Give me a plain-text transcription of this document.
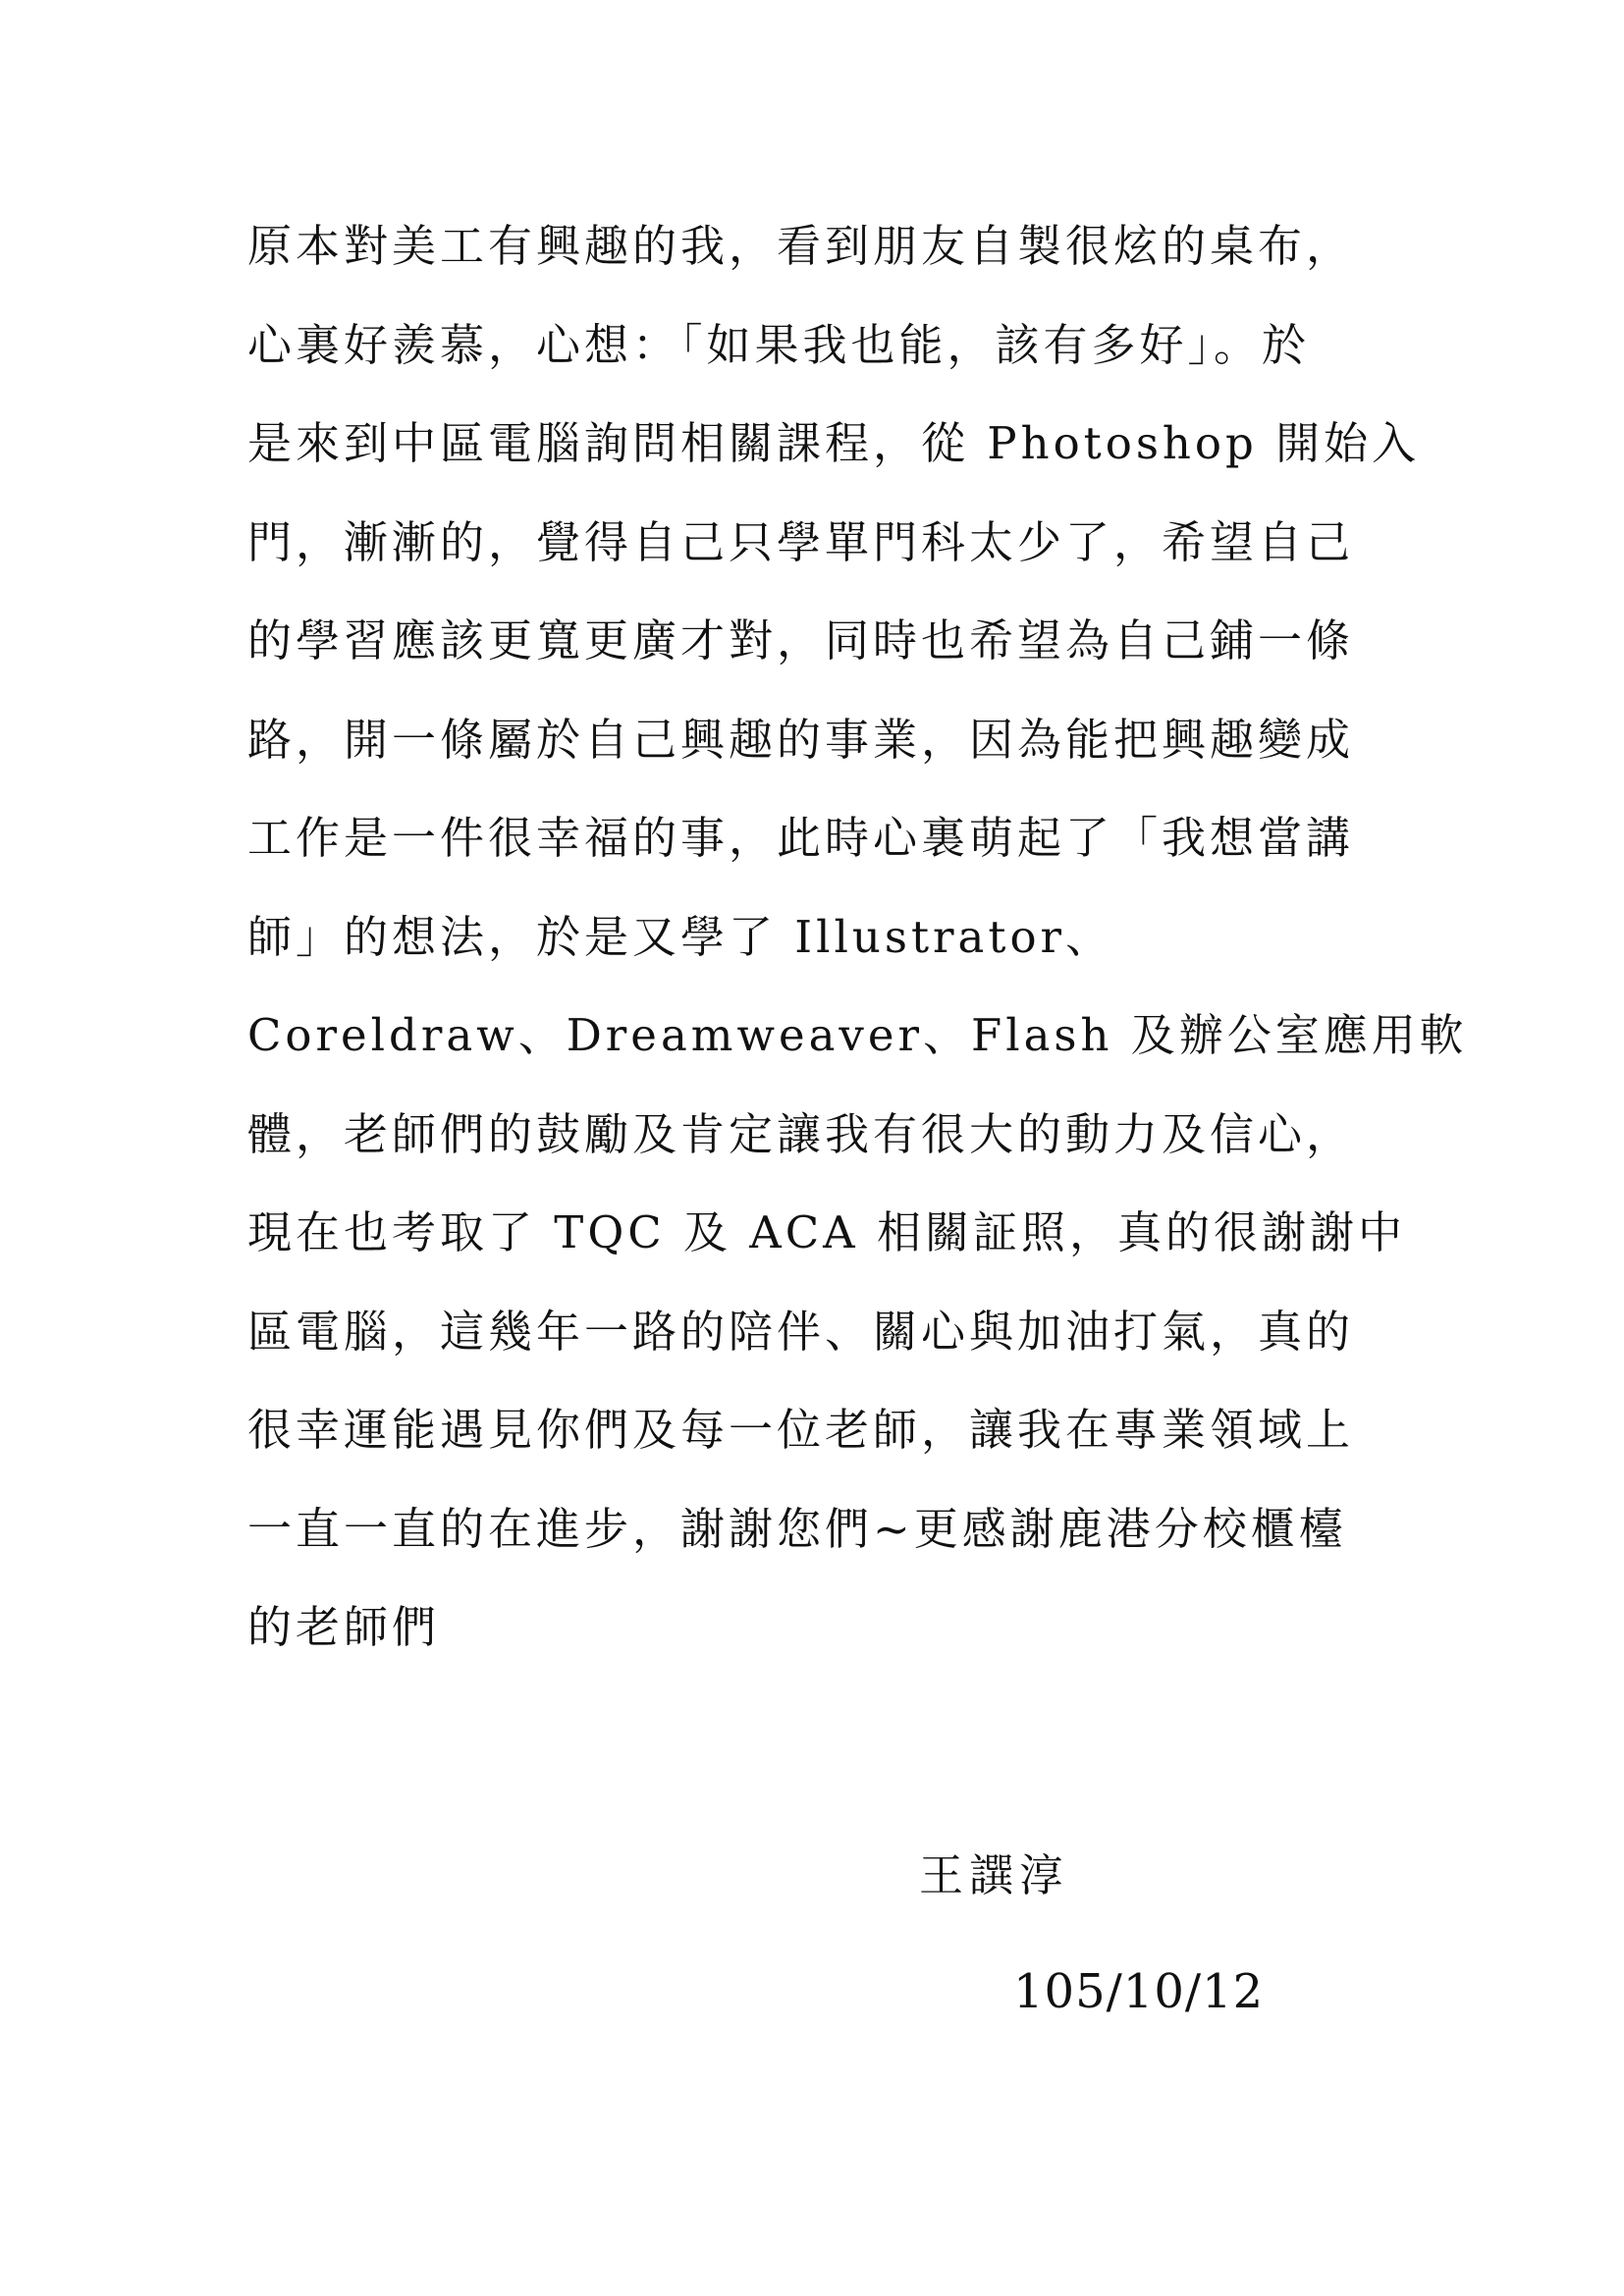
原本對美工有興趣的我，看到朋友自製很炫的桌布，
心裏好羨慕，心想：「如果我也能，該有多好」。於
是來到中區電腦詢問相關課程，從 Photoshop 開始入
門，漸漸的，覺得自己只學單門科太少了，希望自己
的學習應該更寬更廣才對，同時也希望為自己鋪一條
路，開一條屬於自己興趣的事業，因為能把興趣變成
工作是一件很幸福的事，此時心裏萌起了「我想當講
師」的想法，於是又學了 Illustrator、
Coreldraw、Dreamweaver、Flash 及辦公室應用軟
體，老師們的鼓勵及肯定讓我有很大的動力及信心，
現在也考取了 TQC 及 ACA 相關証照，真的很謝謝中
區電腦，這幾年一路的陪伴、關心與加油打氣，真的
很幸運能遇見你們及每一位老師，讓我在專業領域上
一直一直的在進步，謝謝您們~更感謝鹿港分校櫃檯
的老師們
王譔淳
105/10/12
